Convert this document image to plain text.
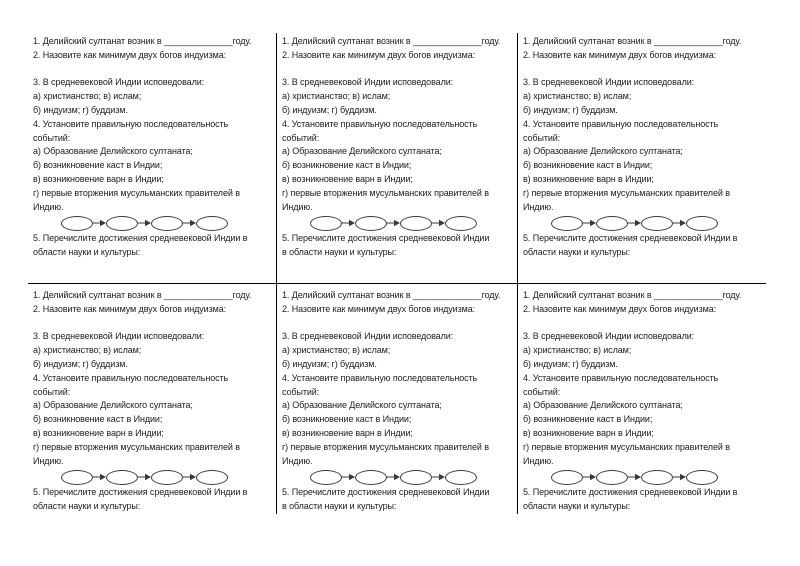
1. Делийский султанат возник в ______________году.
2. Назовите как минимум двух богов индуизма:
3. В средневековой Индии исповедовали:
а) христианство; в) ислам;
б) индуизм; г) буддизм.
4. Установите правильную последовательность
событий:
а) Образование Делийского султаната;
б) возникновение каст в Индии;
в) возникновение варн в Индии;
г) первые вторжения мусульманских правителей в
Индию.
5. Перечислите достижения средневековой Индии в
области науки и культуры:
1. Делийский султанат возник в ______________году.
2. Назовите как минимум двух богов индуизма:
3. В средневековой Индии исповедовали:
а) христианство; в) ислам;
б) индуизм; г) буддизм.
4. Установите правильную последовательность
событий:
а) Образование Делийского султаната;
б) возникновение каст в Индии;
в) возникновение варн в Индии;
г) первые вторжения мусульманских правителей в
Индию.
5. Перечислите достижения средневековой Индии
в области науки и культуры:
1. Делийский султанат возник в ______________году.
2. Назовите как минимум двух богов индуизма:
3. В средневековой Индии исповедовали:
а) христианство; в) ислам;
б) индуизм; г) буддизм.
4. Установите правильную последовательность
событий:
а) Образование Делийского султаната;
б) возникновение каст в Индии;
в) возникновение варн в Индии;
г) первые вторжения мусульманских правителей в
Индию.
5. Перечислите достижения средневековой Индии в
области науки и культуры:
1. Делийский султанат возник в ______________году.
2. Назовите как минимум двух богов индуизма:
3. В средневековой Индии исповедовали:
а) христианство; в) ислам;
б) индуизм; г) буддизм.
4. Установите правильную последовательность
событий:
а) Образование Делийского султаната;
б) возникновение каст в Индии;
в) возникновение варн в Индии;
г) первые вторжения мусульманских правителей в
Индию.
5. Перечислите достижения средневековой Индии в
области науки и культуры:
1. Делийский султанат возник в ______________году.
2. Назовите как минимум двух богов индуизма:
3. В средневековой Индии исповедовали:
а) христианство; в) ислам;
б) индуизм; г) буддизм.
4. Установите правильную последовательность
событий:
а) Образование Делийского султаната;
б) возникновение каст в Индии;
в) возникновение варн в Индии;
г) первые вторжения мусульманских правителей в
Индию.
5. Перечислите достижения средневековой Индии
в области науки и культуры:
1. Делийский султанат возник в ______________году.
2. Назовите как минимум двух богов индуизма:
3. В средневековой Индии исповедовали:
а) христианство; в) ислам;
б) индуизм; г) буддизм.
4. Установите правильную последовательность
событий:
а) Образование Делийского султаната;
б) возникновение каст в Индии;
в) возникновение варн в Индии;
г) первые вторжения мусульманских правителей в
Индию.
5. Перечислите достижения средневековой Индии в
области науки и культуры:
